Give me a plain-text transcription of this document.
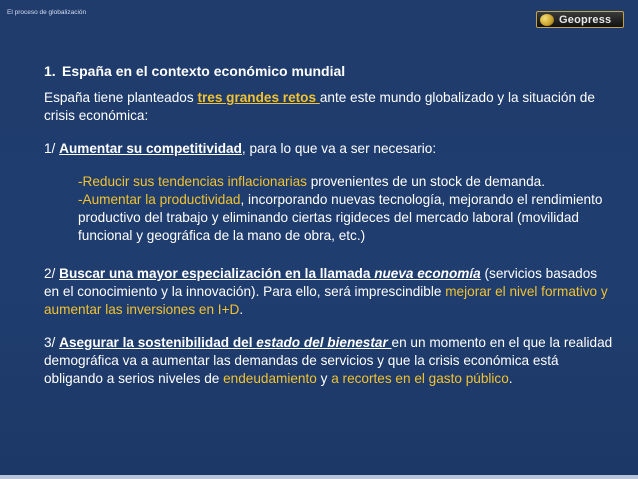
El proceso de globalización
Geopress
1. España en el contexto económico mundial

España tiene planteados tres grandes retos ante este mundo globalizado y la situación de crisis económica:

1/ Aumentar su competitividad, para lo que va a ser necesario:

-Reducir sus tendencias inflacionarias provenientes de un stock de demanda.

-Aumentar la productividad, incorporando nuevas tecnología, mejorando el rendimiento productivo del trabajo y eliminando ciertas rigideces del mercado laboral (movilidad funcional y geográfica de la mano de obra, etc.)

2/ Buscar una mayor especialización en la llamada nueva economía (servicios basados en el conocimiento y la innovación). Para ello, será imprescindible mejorar el nivel formativo y aumentar las inversiones en I+D.

3/ Asegurar la sostenibilidad del estado del bienestar en un momento en el que la realidad demográfica va a aumentar las demandas de servicios y que la crisis económica está obligando a serios niveles de endeudamiento y a recortes en el gasto público.
